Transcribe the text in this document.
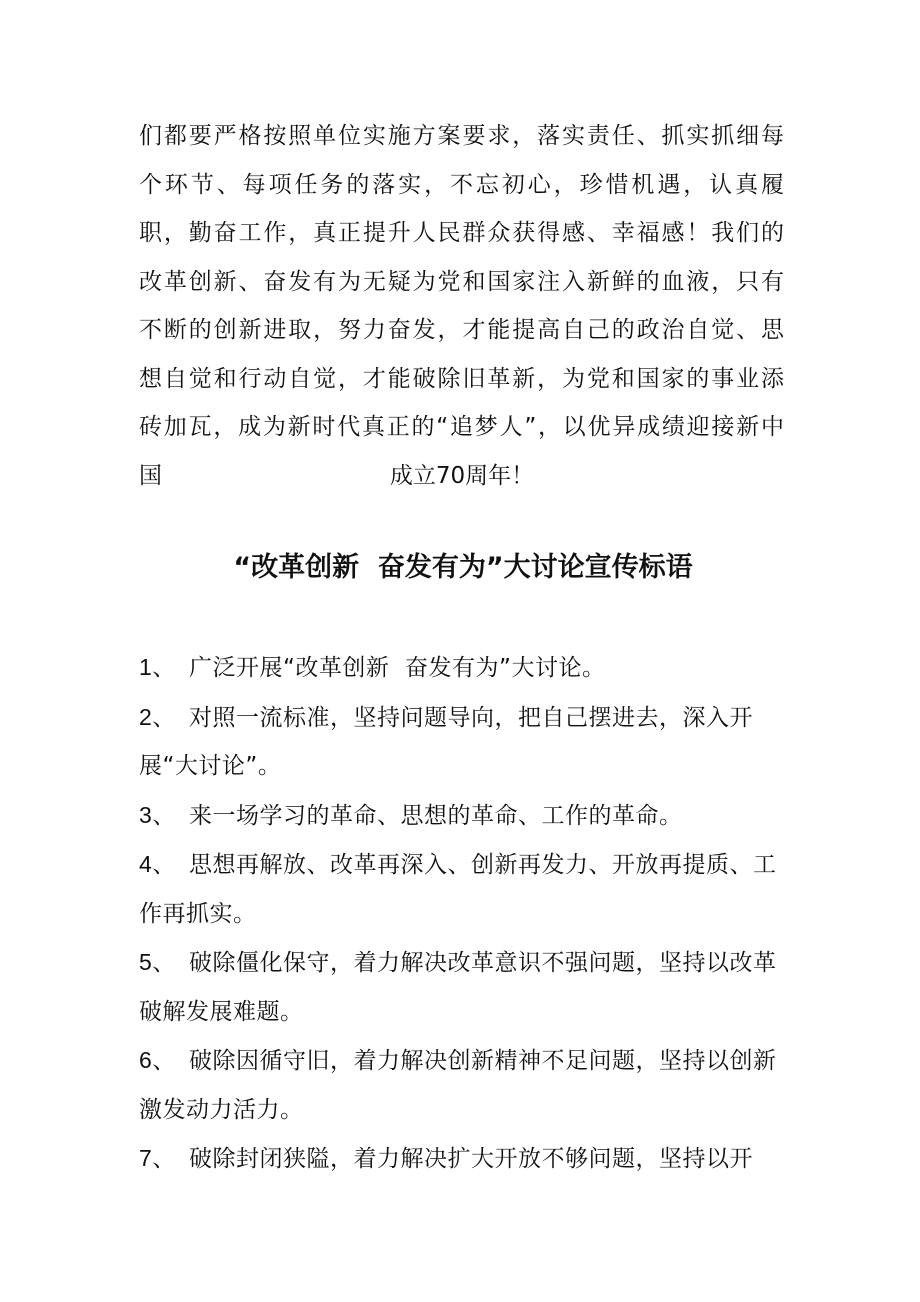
们都要严格按照单位实施方案要求，落实责任、抓实抓细每个环节、每项任务的落实，不忘初心，珍惜机遇，认真履职，勤奋工作，真正提升人民群众获得感、幸福感！我们的改革创新、奋发有为无疑为党和国家注入新鲜的血液，只有不断的创新进取，努力奋发，才能提高自己的政治自觉、思想自觉和行动自觉，才能破除旧革新，为党和国家的事业添砖加瓦，成为新时代真正的“追梦人”，以优异成绩迎接新中国	成立70周年！

“改革创新  奋发有为”大讨论宣传标语
1、 广泛开展“改革创新  奋发有为”大讨论。
2、 对照一流标准，坚持问题导向，把自己摆进去，深入开展“大讨论”。
3、 来一场学习的革命、思想的革命、工作的革命。
4、 思想再解放、改革再深入、创新再发力、开放再提质、工作再抓实。
5、 破除僵化保守，着力解决改革意识不强问题，坚持以改革破解发展难题。
6、 破除因循守旧，着力解决创新精神不足问题，坚持以创新激发动力活力。
7、 破除封闭狭隘，着力解决扩大开放不够问题，坚持以开
